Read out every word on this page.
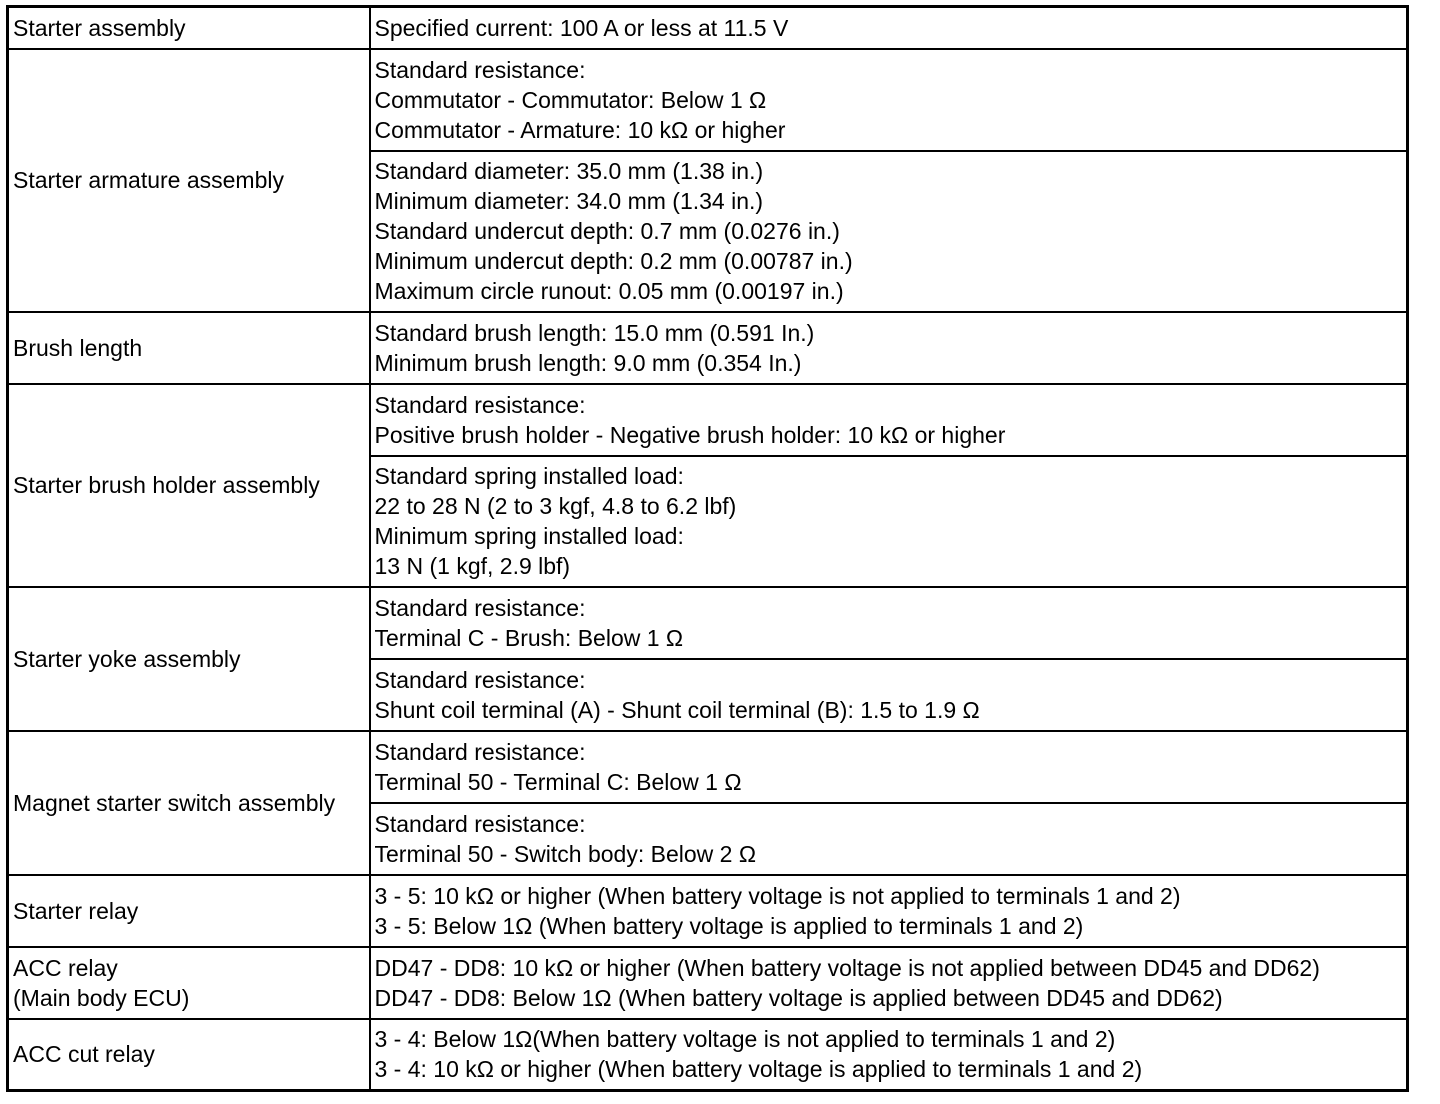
Starter assembly	Specified current: 100 A or less at 11.5 V

Starter armature assembly	Standard resistance:
Commutator - Commutator: Below 1 Ω
Commutator - Armature: 10 kΩ or higher

	Standard diameter: 35.0 mm (1.38 in.)
Minimum diameter: 34.0 mm (1.34 in.)
Standard undercut depth: 0.7 mm (0.0276 in.)
Minimum undercut depth: 0.2 mm (0.00787 in.)
Maximum circle runout: 0.05 mm (0.00197 in.)

Brush length	Standard brush length: 15.0 mm (0.591 In.)
Minimum brush length: 9.0 mm (0.354 In.)

Starter brush holder assembly	Standard resistance:
Positive brush holder - Negative brush holder: 10 kΩ or higher

	Standard spring installed load:
22 to 28 N (2 to 3 kgf, 4.8 to 6.2 lbf)
Minimum spring installed load:
13 N (1 kgf, 2.9 lbf)

Starter yoke assembly	Standard resistance:
Terminal C - Brush: Below 1 Ω

	Standard resistance:
Shunt coil terminal (A) - Shunt coil terminal (B): 1.5 to 1.9 Ω

Magnet starter switch assembly	Standard resistance:
Terminal 50 - Terminal C: Below 1 Ω

	Standard resistance:
Terminal 50 - Switch body: Below 2 Ω

Starter relay	3 - 5: 10 kΩ or higher (When battery voltage is not applied to terminals 1 and 2)
3 - 5: Below 1Ω (When battery voltage is applied to terminals 1 and 2)

ACC relay
(Main body ECU)	DD47 - DD8: 10 kΩ or higher (When battery voltage is not applied between DD45 and DD62)
DD47 - DD8: Below 1Ω (When battery voltage is applied between DD45 and DD62)

ACC cut relay	3 - 4: Below 1Ω(When battery voltage is not applied to terminals 1 and 2)
3 - 4: 10 kΩ or higher (When battery voltage is applied to terminals 1 and 2)
